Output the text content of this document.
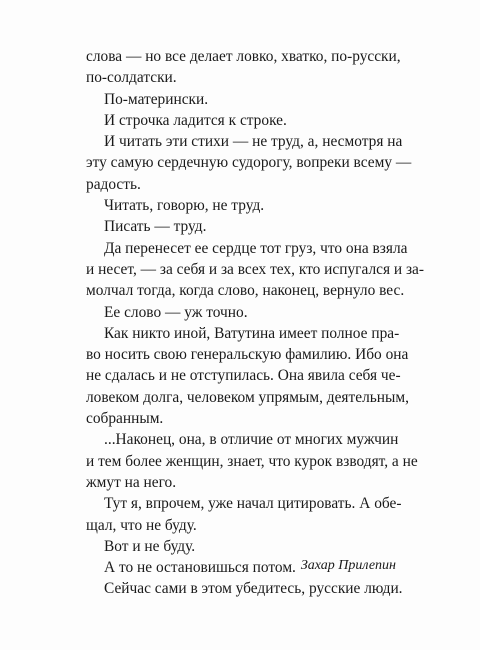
слова — но все делает ловко, хватко, по-русски,
по-солдатски.
По-матерински.
И строчка ладится к строке.
И читать эти стихи — не труд, а, несмотря на
эту самую сердечную судорогу, вопреки всему —
радость.
Читать, говорю, не труд.
Писать — труд.
Да перенесет ее сердце тот груз, что она взяла
и несет, — за себя и за всех тех, кто испугался и за-
молчал тогда, когда слово, наконец, вернуло вес.
Ее слово — уж точно.
Как никто иной, Ватутина имеет полное пра-
во носить свою генеральскую фамилию. Ибо она
не сдалась и не отступилась. Она явила себя че-
ловеком долга, человеком упрямым, деятельным,
собранным.
...Наконец, она, в отличие от многих мужчин
и тем более женщин, знает, что курок взводят, а не
жмут на него.
Тут я, впрочем, уже начал цитировать. А обе-
щал, что не буду.
Вот и не буду.
А то не остановишься потом.
Сейчас сами в этом убедитесь, русские люди.
Захар Прилепин
